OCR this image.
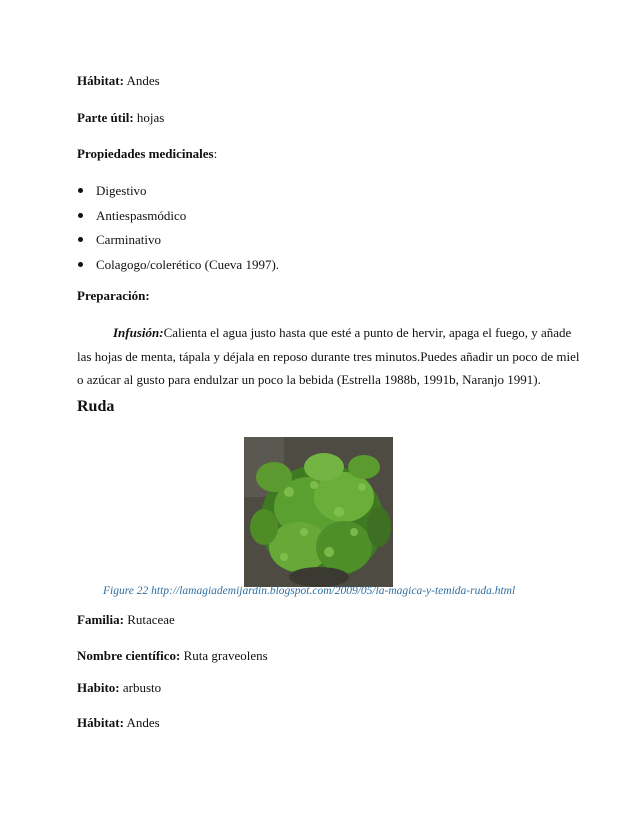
Hábitat: Andes
Parte útil: hojas
Propiedades medicinales:
Digestivo
Antiespasmódico
Carminativo
Colagogo/colerético (Cueva 1997).
Preparación:
Infusión: Calienta el agua justo hasta que esté a punto de hervir, apaga el fuego, y añade
las hojas de menta, tápala y déjala en reposo durante tres minutos.Puedes añadir un poco de miel
o azúcar al gusto para endulzar un poco la bebida (Estrella 1988b, 1991b, Naranjo 1991).
Ruda
Figure 22 http://lamagiademijardin.blogspot.com/2009/05/la-magica-y-temida-ruda.html
Familia: Rutaceae
Nombre científico: Ruta graveolens
Habito: arbusto
Hábitat: Andes
